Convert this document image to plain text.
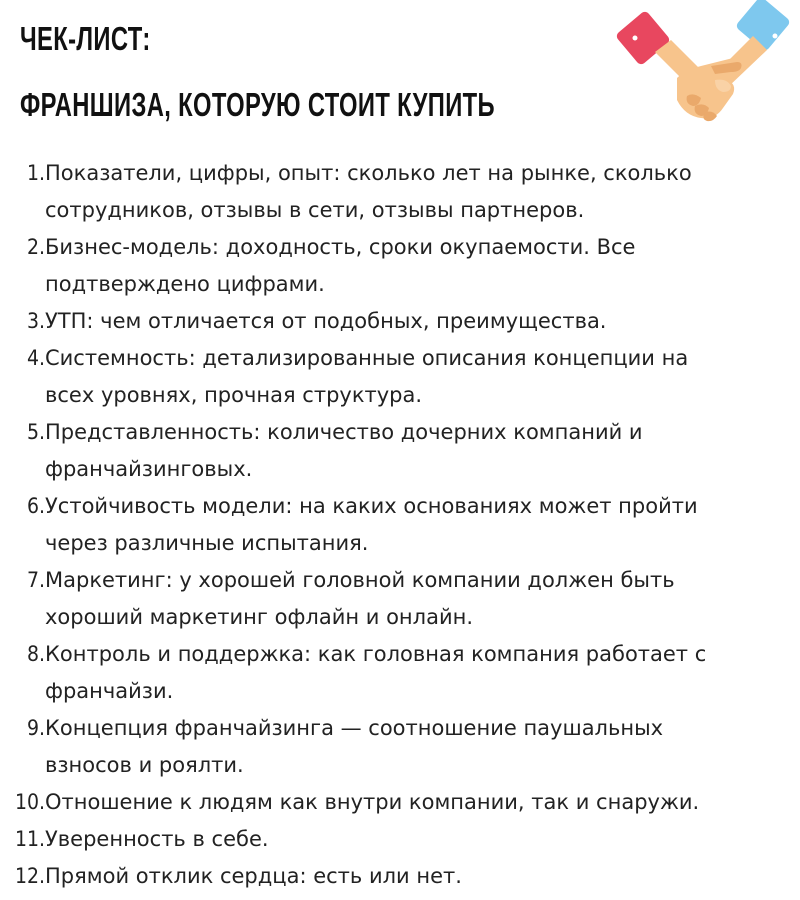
ЧЕК-ЛИСТ:
ФРАНШИЗА, КОТОРУЮ СТОИТ КУПИТЬ
1. Показатели, цифры, опыт: сколько лет на рынке, сколько
сотрудников, отзывы в сети, отзывы партнеров.
2. Бизнес-модель: доходность, сроки окупаемости. Все
подтверждено цифрами.
3. УТП: чем отличается от подобных, преимущества.
4. Системность: детализированные описания концепции на
всех уровнях, прочная структура.
5. Представленность: количество дочерних компаний и
франчайзинговых.
6. Устойчивость модели: на каких основаниях может пройти
через различные испытания.
7. Маркетинг: у хорошей головной компании должен быть
хороший маркетинг офлайн и онлайн.
8. Контроль и поддержка: как головная компания работает с
франчайзи.
9. Концепция франчайзинга — соотношение паушальных
взносов и роялти.
10. Отношение к людям как внутри компании, так и снаружи.
11. Уверенность в себе.
12. Прямой отклик сердца: есть или нет.
